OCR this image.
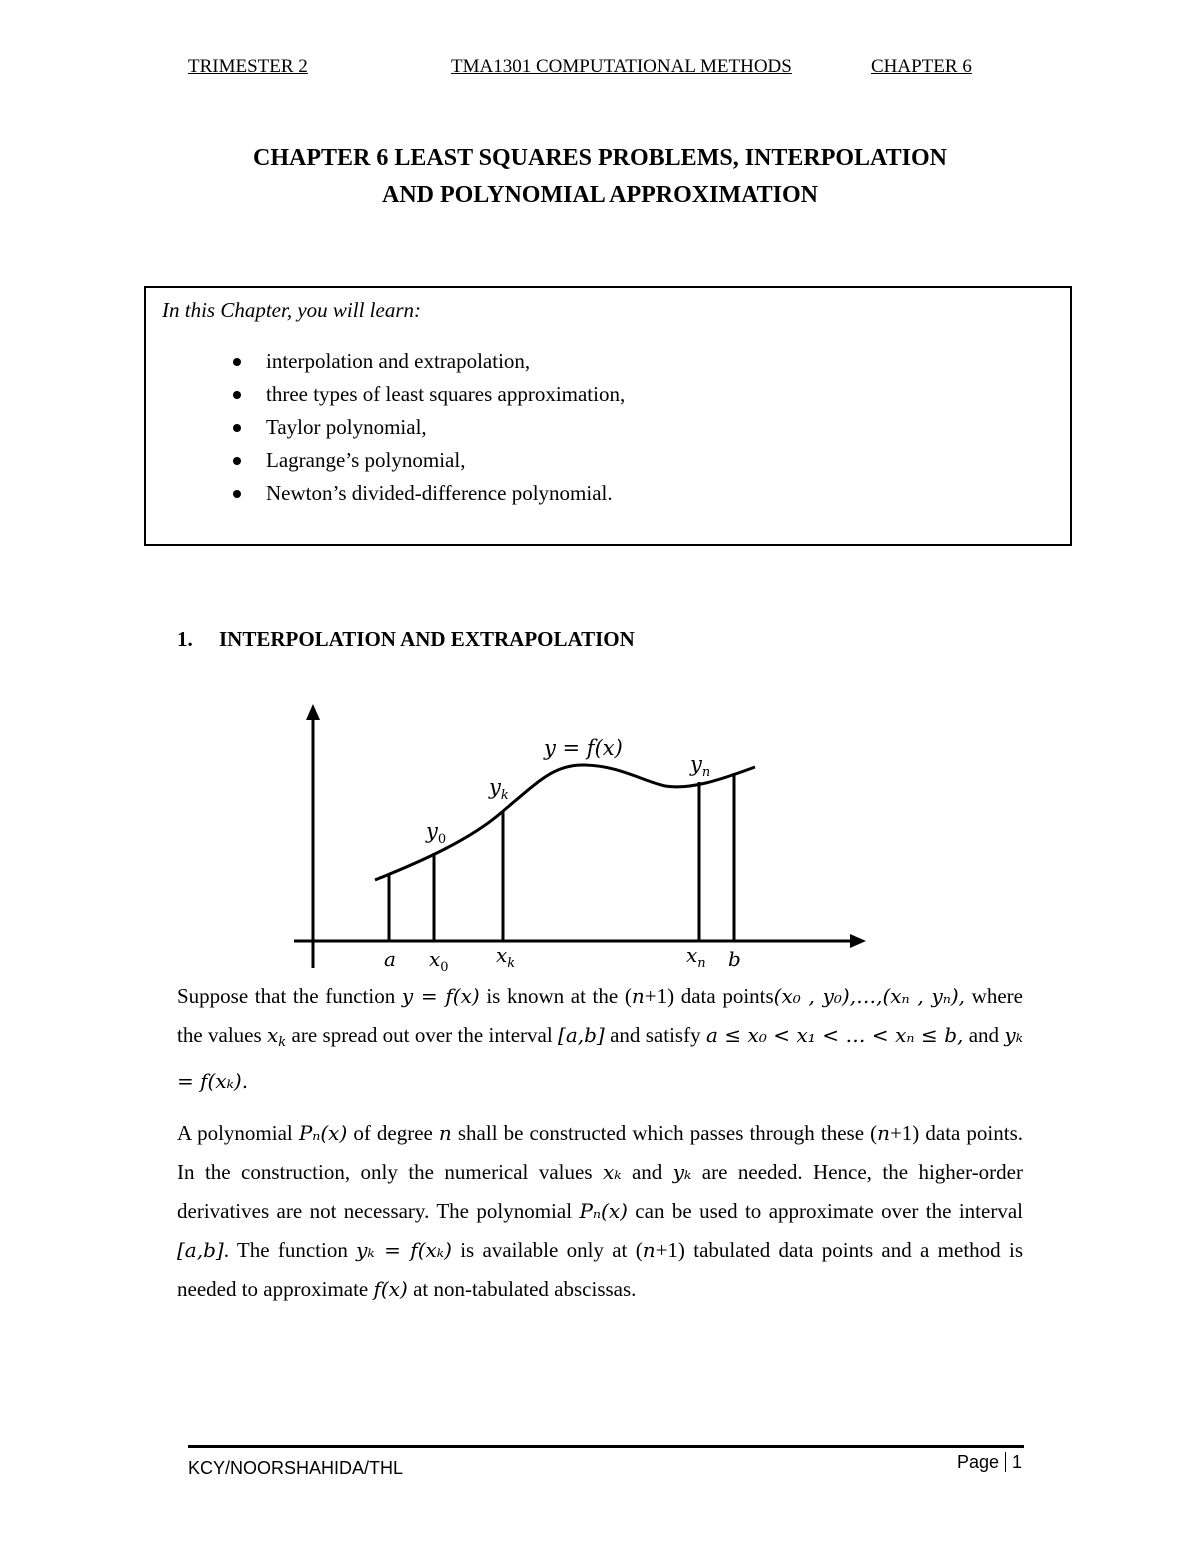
TRIMESTER 2	TMA1301 COMPUTATIONAL METHODS	CHAPTER 6
CHAPTER 6 LEAST SQUARES PROBLEMS, INTERPOLATION
AND POLYNOMIAL APPROXIMATION
In this Chapter, you will learn:
interpolation and extrapolation,
three types of least squares approximation,
Taylor polynomial,
Lagrange’s polynomial,
Newton’s divided-difference polynomial.
1. INTERPOLATION AND EXTRAPOLATION
y = f(x)
$y_0$
$y_k$
$y_n$
a $x_0$
$x_k$	$x_n$ b

Suppose that the function y = f(x) is known at the (n+1) data points(x₀ , y₀),…,(xₙ , yₙ), where the values $x_k$ are spread out over the interval [a,b] and satisfy a ≤ x₀ < x₁ < … < xₙ ≤ b, and yₖ = f(xₖ).

A polynomial Pₙ(x) of degree n shall be constructed which passes through these (n+1) data points. In the construction, only the numerical values xₖ and yₖ are needed. Hence, the higher-order derivatives are not necessary. The polynomial Pₙ(x) can be used to approximate over the interval [a,b]. The function yₖ = f(xₖ) is available only at (n+1) tabulated data points and a method is needed to approximate f(x) at non-tabulated abscissas.

KCY/NOORSHAHIDA/THL	Page 1
